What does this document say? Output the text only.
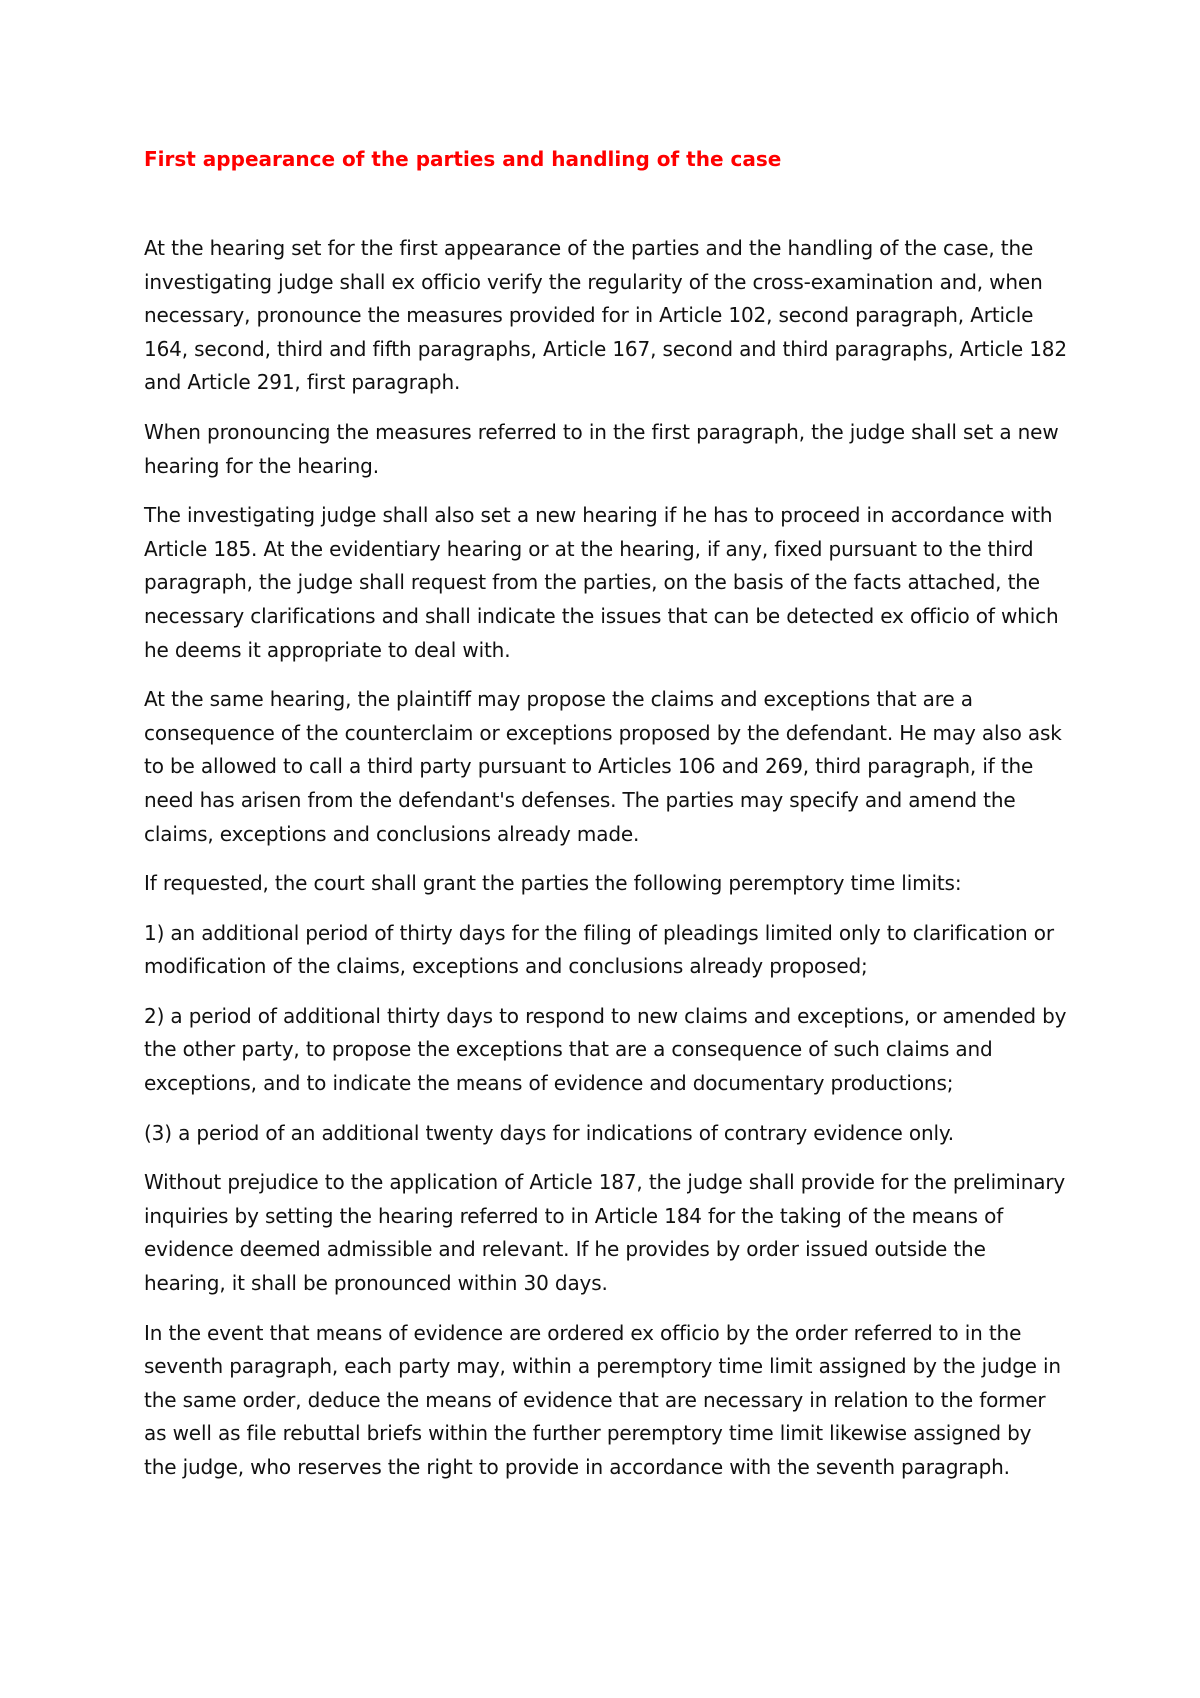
First appearance of the parties and handling of the case

At the hearing set for the first appearance of the parties and the handling of the case, the investigating judge shall ex officio verify the regularity of the cross-examination and, when necessary, pronounce the measures provided for in Article 102, second paragraph, Article 164, second, third and fifth paragraphs, Article 167, second and third paragraphs, Article 182 and Article 291, first paragraph.

When pronouncing the measures referred to in the first paragraph, the judge shall set a new hearing for the hearing.

The investigating judge shall also set a new hearing if he has to proceed in accordance with Article 185. At the evidentiary hearing or at the hearing, if any, fixed pursuant to the third paragraph, the judge shall request from the parties, on the basis of the facts attached, the necessary clarifications and shall indicate the issues that can be detected ex officio of which he deems it appropriate to deal with.

At the same hearing, the plaintiff may propose the claims and exceptions that are a consequence of the counterclaim or exceptions proposed by the defendant. He may also ask to be allowed to call a third party pursuant to Articles 106 and 269, third paragraph, if the need has arisen from the defendant's defenses. The parties may specify and amend the claims, exceptions and conclusions already made.

If requested, the court shall grant the parties the following peremptory time limits:

1) an additional period of thirty days for the filing of pleadings limited only to clarification or modification of the claims, exceptions and conclusions already proposed;

2) a period of additional thirty days to respond to new claims and exceptions, or amended by the other party, to propose the exceptions that are a consequence of such claims and exceptions, and to indicate the means of evidence and documentary productions;

(3) a period of an additional twenty days for indications of contrary evidence only.

Without prejudice to the application of Article 187, the judge shall provide for the preliminary inquiries by setting the hearing referred to in Article 184 for the taking of the means of evidence deemed admissible and relevant. If he provides by order issued outside the hearing, it shall be pronounced within 30 days.

In the event that means of evidence are ordered ex officio by the order referred to in the seventh paragraph, each party may, within a peremptory time limit assigned by the judge in the same order, deduce the means of evidence that are necessary in relation to the former as well as file rebuttal briefs within the further peremptory time limit likewise assigned by the judge, who reserves the right to provide in accordance with the seventh paragraph.
